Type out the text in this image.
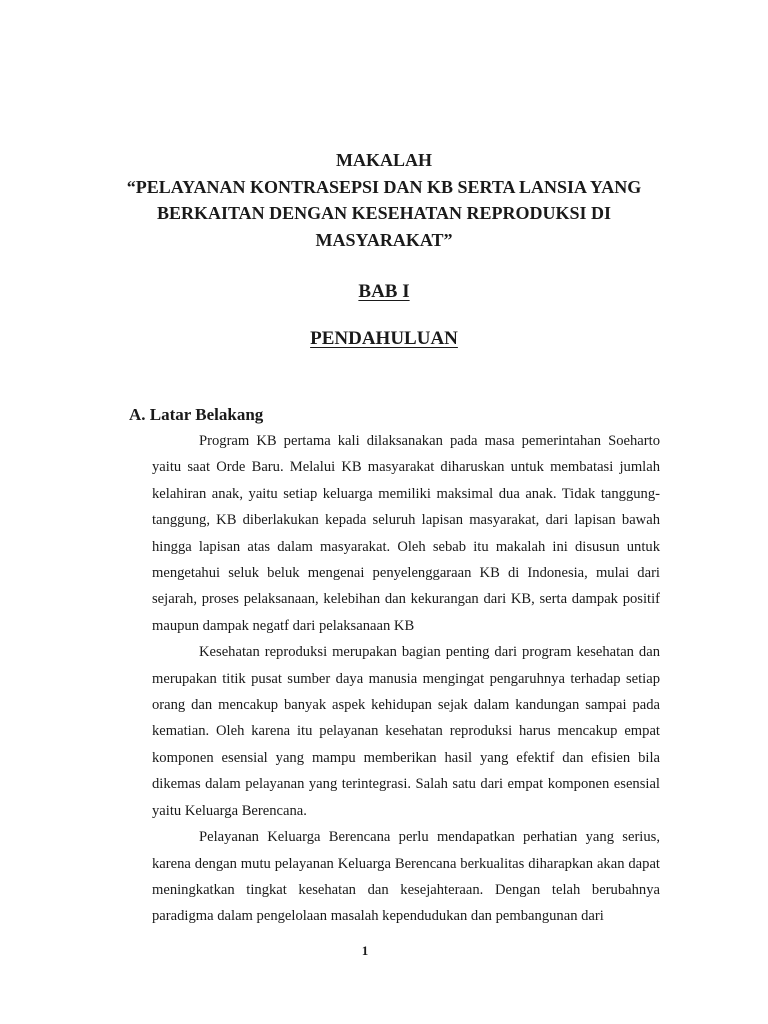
MAKALAH
“PELAYANAN KONTRASEPSI DAN KB SERTA LANSIA YANG
BERKAITAN DENGAN KESEHATAN REPRODUKSI DI
MASYARAKAT”
BAB I
PENDAHULUAN
A. Latar Belakang

Program KB pertama kali dilaksanakan pada masa pemerintahan Soeharto yaitu saat Orde Baru. Melalui KB masyarakat diharuskan untuk membatasi jumlah kelahiran anak, yaitu setiap keluarga memiliki maksimal dua anak. Tidak tanggung-tanggung, KB diberlakukan kepada seluruh lapisan masyarakat, dari lapisan bawah hingga lapisan atas dalam masyarakat. Oleh sebab itu makalah ini disusun untuk mengetahui seluk beluk mengenai penyelenggaraan KB di Indonesia, mulai dari sejarah, proses pelaksanaan, kelebihan dan kekurangan dari KB, serta dampak positif maupun dampak negatf dari pelaksanaan KB

Kesehatan reproduksi merupakan bagian penting dari program kesehatan dan merupakan titik pusat sumber daya manusia mengingat pengaruhnya terhadap setiap orang dan mencakup banyak aspek kehidupan sejak dalam kandungan sampai pada kematian. Oleh karena itu pelayanan kesehatan reproduksi harus mencakup empat komponen esensial yang mampu memberikan hasil yang efektif dan efisien bila dikemas dalam pelayanan yang terintegrasi. Salah satu dari empat komponen esensial yaitu Keluarga Berencana.

Pelayanan Keluarga Berencana perlu mendapatkan perhatian yang serius, karena dengan mutu pelayanan Keluarga Berencana berkualitas diharapkan akan dapat meningkatkan tingkat kesehatan dan kesejahteraan. Dengan telah berubahnya paradigma dalam pengelolaan masalah kependudukan dan pembangunan dari

1
